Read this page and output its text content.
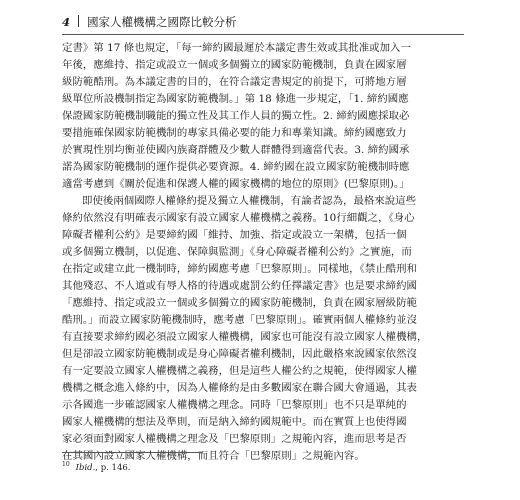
4 國家人權機構之國際比較分析
定書》第 17 條也規定，「每一締約國最遲於本議定書生效或其批准或加入一
年後，應維持、指定或設立一個或多個獨立的國家防範機制，負責在國家層
級防範酷刑。為本議定書的目的，在符合議定書規定的前提下，可將地方層
級單位所設機制指定為國家防範機制。」第 18 條進一步規定，「1. 締約國應
保證國家防範機制職能的獨立性及其工作人員的獨立性。2. 締約國應採取必
要措施確保國家防範機制的專家具備必要的能力和專業知識。締約國應致力
於實現性別均衡並使國內族裔群體及少數人群體得到適當代表。3. 締約國承
諾為國家防範機制的運作提供必要資源。4. 締約國在設立國家防範機制時應
適當考慮到《關於促進和保護人權的國家機構的地位的原則》(巴黎原則)。」
即使後兩個國際人權條約提及獨立人權機制，有論者認為，最格來說這些
條約依然沒有明確表示國家有設立國家人權機構之義務。10行細觀之，《身心
障礙者權利公約》是要締約國「維持、加強、指定或設立一架構，包括一個
或多個獨立機制，以促進、保障與監測」《身心障礙者權利公約》之實施，而
在指定或建立此一機制時，締約國應考慮「巴黎原則」。同樣地，《禁止酷刑和
其他殘忍、不人道或有辱人格的待遇或處罰公約任擇議定書》也是要求締約國
「應維持、指定或設立一個或多個獨立的國家防範機制，負責在國家層級防範
酷刑。」而設立國家防範機制時，應考慮「巴黎原則」。確實兩個人權條約並沒
有直接要求締約國必須設立國家人權機構，國家也可能沒有設立國家人權機構，
但是卻設立國家防範機制或是身心障礙者權利機制，因此嚴格來說國家依然沒
有一定要設立國家人權機構之義務，但是這些人權公約之規範，使得國家人權
機構之概念進入條約中，因為人權條約是由多數國家在聯合國大會通過，其表
示各國進一步確認國家人權機構之理念。同時「巴黎原則」也不只是單純的
國家人權機構的想法及準則，而是納入締約國規範中。而在實質上也使得國
家必須面對國家人權機構之理念及「巴黎原則」之規範內容，進而思考是否
在其國內設立國家人權機構，而且符合「巴黎原則」之規範內容。
$^{10}$ Ibid., p. 146.
